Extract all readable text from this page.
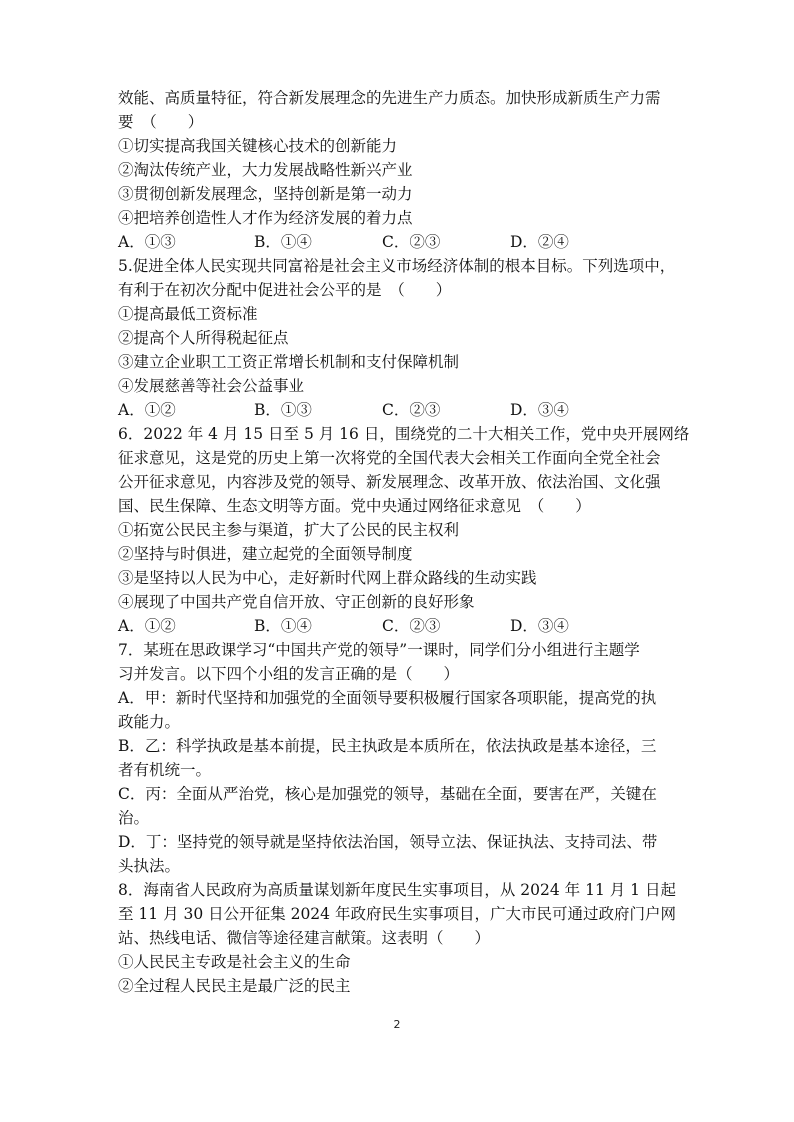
效能、高质量特征，符合新发展理念的先进生产力质态。加快形成新质生产力需
要　（　　）
①切实提高我国关键核心技术的创新能力
②淘汰传统产业，大力发展战略性新兴产业
③贯彻创新发展理念，坚持创新是第一动力
④把培养创造性人才作为经济发展的着力点
A．①③	B．①④	C．②③	D．②④
5.促进全体人民实现共同富裕是社会主义市场经济体制的根本目标。下列选项中，
有利于在初次分配中促进社会公平的是　（　　）
①提高最低工资标准
②提高个人所得税起征点
③建立企业职工工资正常增长机制和支付保障机制
④发展慈善等社会公益事业
A．①②	B．①③	C．②③	D．③④
6．2022 年 4 月 15 日至 5 月 16 日，围绕党的二十大相关工作，党中央开展网络
征求意见，这是党的历史上第一次将党的全国代表大会相关工作面向全党全社会
公开征求意见，内容涉及党的领导、新发展理念、改革开放、依法治国、文化强
国、民生保障、生态文明等方面。党中央通过网络征求意见　（　　）
①拓宽公民民主参与渠道，扩大了公民的民主权利
②坚持与时俱进，建立起党的全面领导制度
③是坚持以人民为中心，走好新时代网上群众路线的生动实践
④展现了中国共产党自信开放、守正创新的良好形象
A．①②	B．①④	C．②③	D．③④
7．某班在思政课学习“中国共产党的领导”一课时，同学们分小组进行主题学
习并发言。以下四个小组的发言正确的是（　　）
A．甲：新时代坚持和加强党的全面领导要积极履行国家各项职能，提高党的执
政能力。
B．乙：科学执政是基本前提，民主执政是本质所在，依法执政是基本途径，三
者有机统一。
C．丙：全面从严治党，核心是加强党的领导，基础在全面，要害在严，关键在
治。
D．丁：坚持党的领导就是坚持依法治国，领导立法、保证执法、支持司法、带
头执法。
8．海南省人民政府为高质量谋划新年度民生实事项目，从 2024 年 11 月 1 日起
至 11 月 30 日公开征集 2024 年政府民生实事项目，广大市民可通过政府门户网
站、热线电话、微信等途径建言献策。这表明（　　）
①人民民主专政是社会主义的生命
②全过程人民民主是最广泛的民主
2
